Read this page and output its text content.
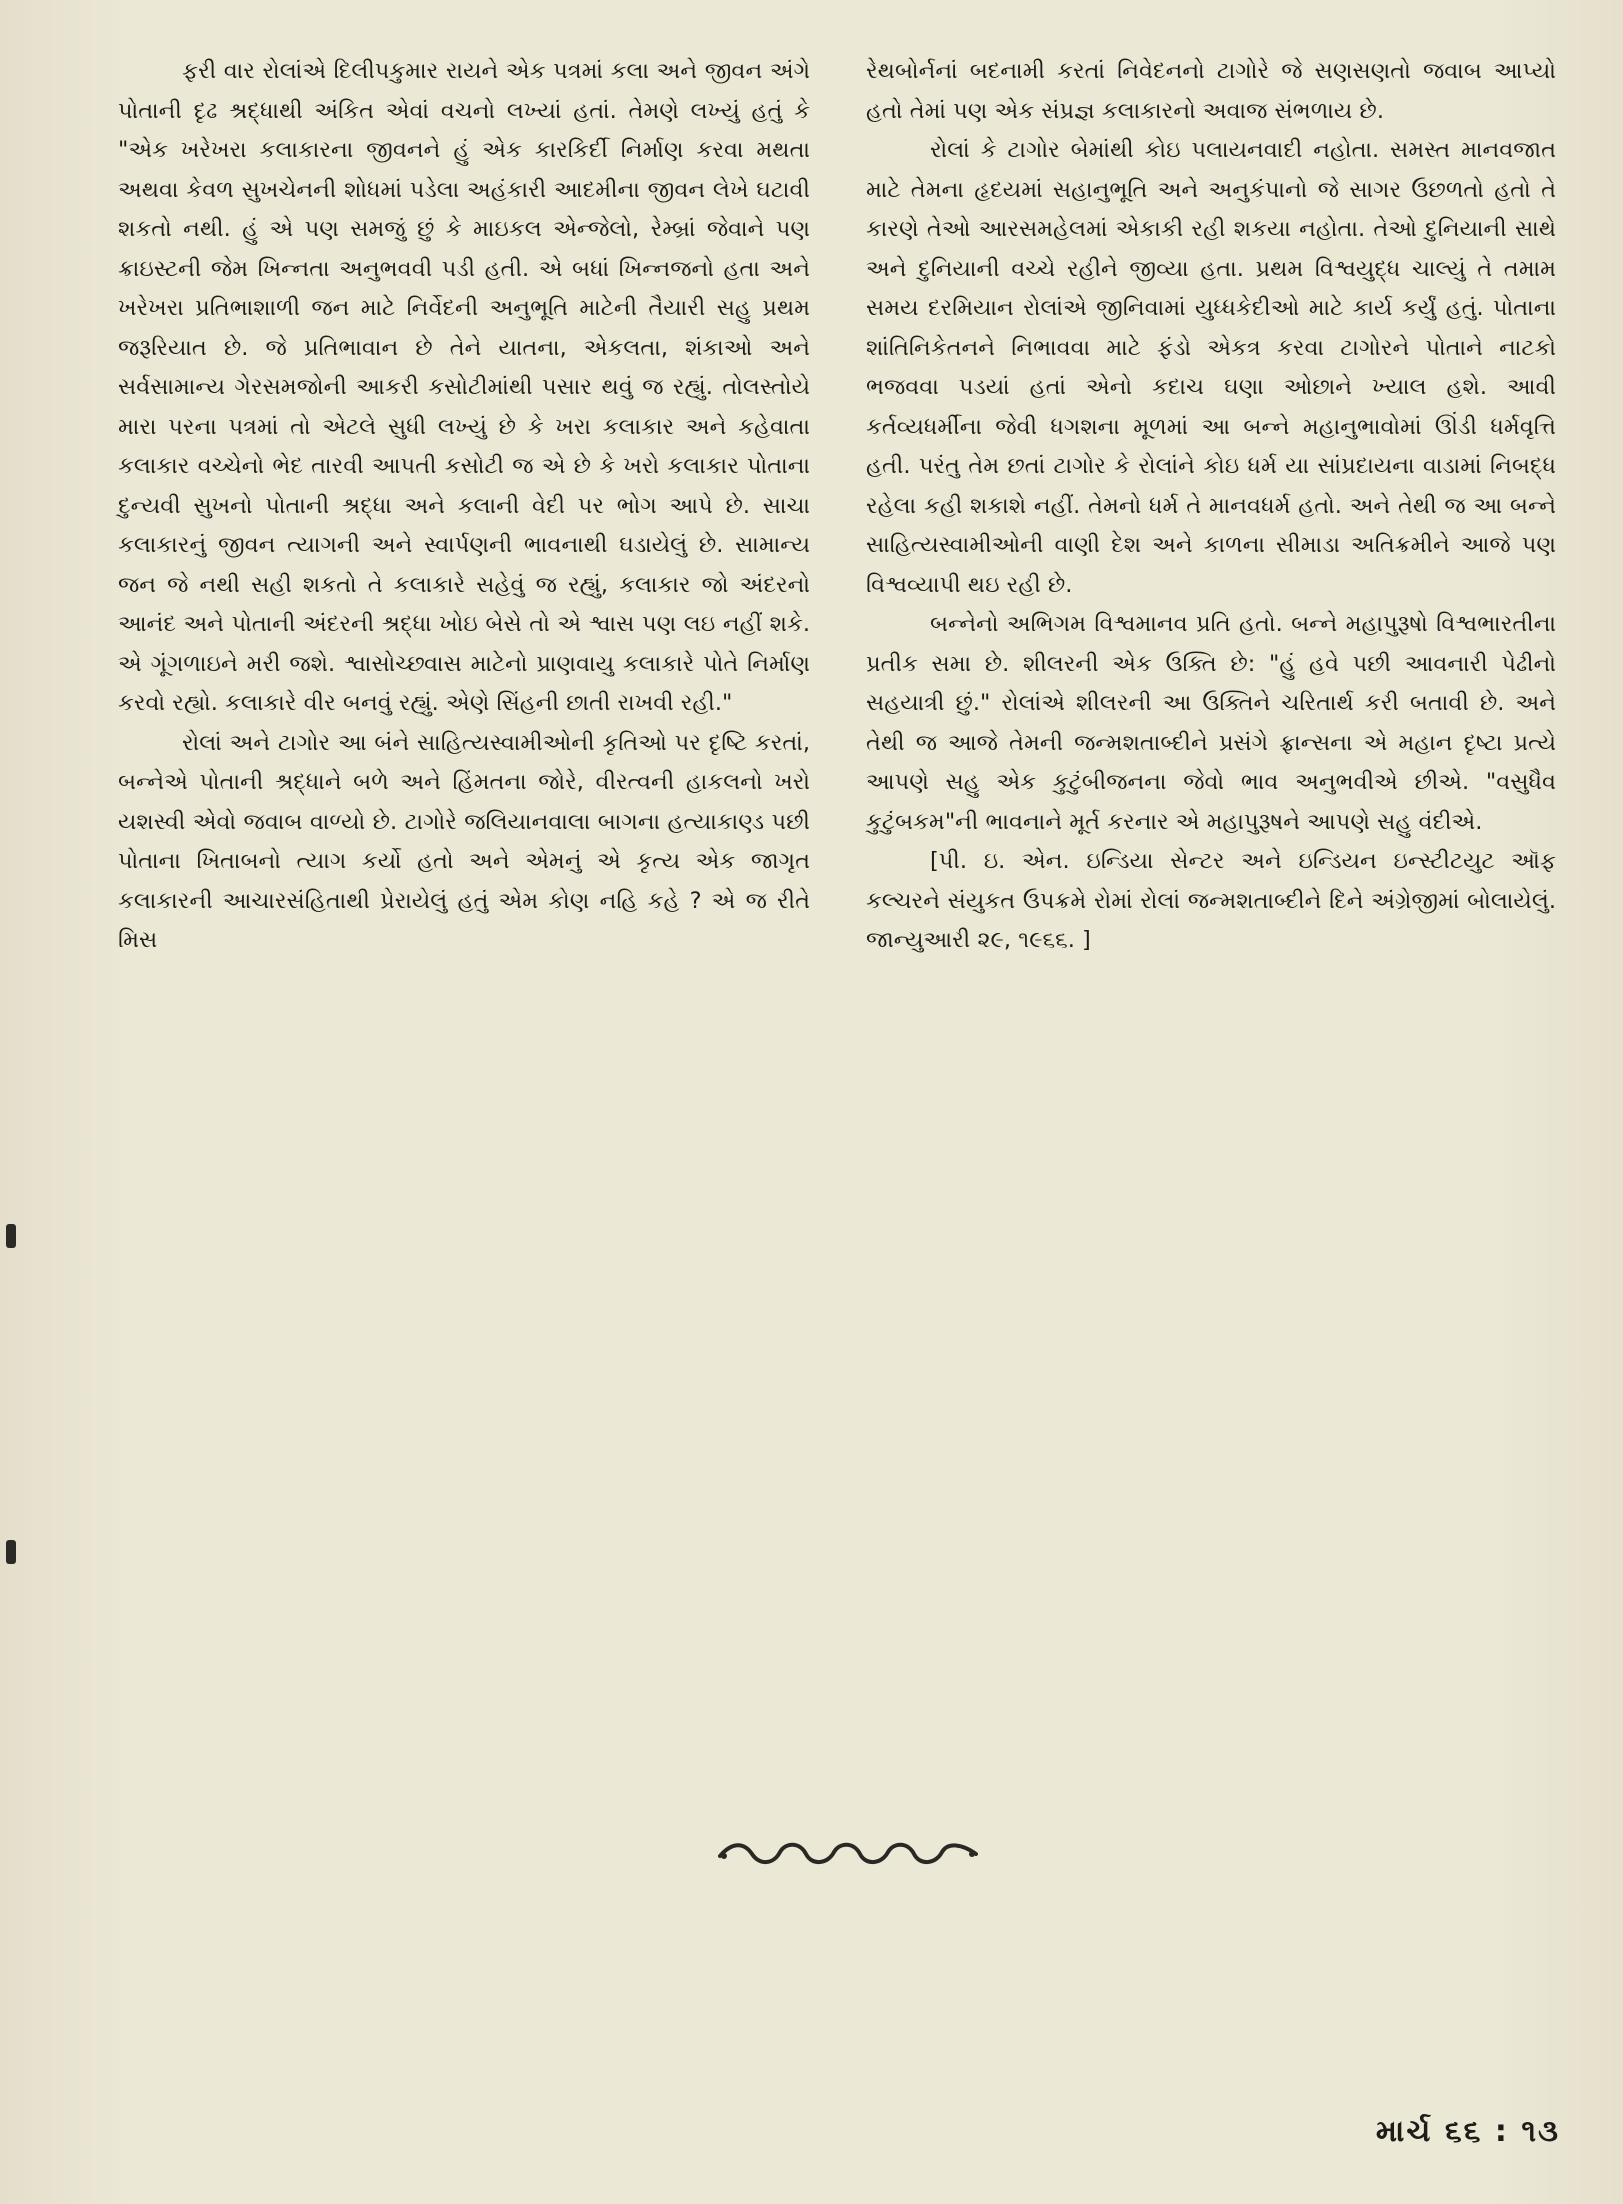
ફરી વાર રોલાંએ દિલીપકુમાર રાયને એક પત્રમાં કલા અને જીવન અંગે પોતાની દૃઢ શ્રદ્ધાથી અંકિત એવાં વચનો લખ્યાં હતાં. તેમણે લખ્યું હતું કે "એક ખરેખરા કલાકારના જીવનને હું એક કારકિર્દી નિર્માણ કરવા મથતા અથવા કેવળ સુખચેનની શોધમાં પડેલા અહંકારી આદમીના જીવન લેખે ઘટાવી શકતો નથી. હું એ પણ સમજું છું કે માઇકલ એન્જેલો, રેમ્બ્રાં જેવાને પણ ક્રાઇસ્ટની જેમ ખિન્નતા અનુભવવી પડી હતી. એ બધાં ખિન્નજનો હતા અને ખરેખરા પ્રતિભાશાળી જન માટે નિર્વેદની અનુભૂતિ માટેની તૈયારી સહુ પ્રથમ જરૂરિયાત છે. જે પ્રતિભાવાન છે તેને યાતના, એકલતા, શંકાઓ અને સર્વસામાન્ય ગેરસમજોની આકરી કસોટીમાંથી પસાર થવું જ રહ્યું. તોલસ્તોયે મારા પરના પત્રમાં તો એટલે સુધી લખ્યું છે કે ખરા કલાકાર અને કહેવાતા કલાકાર વચ્ચેનો ભેદ તારવી આપતી કસોટી જ એ છે કે ખરો કલાકાર પોતાના દુન્યવી સુખનો પોતાની શ્રદ્ધા અને કલાની વેદી પર ભોગ આપે છે. સાચા કલાકારનું જીવન ત્યાગની અને સ્વાર્પણની ભાવનાથી ઘડાયેલું છે. સામાન્ય જન જે નથી સહી શકતો તે કલાકારે સહેવું જ રહ્યું, કલાકાર જો અંદરનો આનંદ અને પોતાની અંદરની શ્રદ્ધા ખોઇ બેસે તો એ શ્વાસ પણ લઇ નહીં શકે. એ ગૂંગળાઇને મરી જશે. શ્વાસોચ્છ્વાસ માટેનો પ્રાણવાયુ કલાકારે પોતે નિર્માણ કરવો રહ્યો. કલાકારે વીર બનવું રહ્યું. એણે સિંહની છાતી રાખવી રહી."

રોલાં અને ટાગોર આ બંને સાહિત્યસ્વામીઓની કૃતિઓ પર દૃષ્ટિ કરતાં, બન્નેએ પોતાની શ્રદ્ધાને બળે અને હિંમતના જોરે, વીરત્વની હાકલનો ખરો યશસ્વી એવો જવાબ વાળ્યો છે. ટાગોરે જલિયાનવાલા બાગના હત્યાકાણ્ડ પછી પોતાના ખિતાબનો ત્યાગ કર્યો હતો અને એમનું એ કૃત્ય એક જાગૃત કલાકારની આચારસંહિતાથી પ્રેરાયેલું હતું એમ કોણ નહિ કહે ? એ જ રીતે મિસ

રેથબોર્નનાં બદનામી કરતાં નિવેદનનો ટાગોરે જે સણસણતો જવાબ આપ્યો હતો તેમાં પણ એક સંપ્રજ્ઞ કલાકારનો અવાજ સંભળાય છે.

રોલાં કે ટાગોર બેમાંથી કોઇ પલાયનવાદી નહોતા. સમસ્ત માનવજાત માટે તેમના હૃદયમાં સહાનુભૂતિ અને અનુકંપાનો જે સાગર ઉછળતો હતો તે કારણે તેઓ આરસમહેલમાં એકાકી રહી શકયા નહોતા. તેઓ દુનિયાની સાથે અને દુનિયાની વચ્ચે રહીને જીવ્યા હતા. પ્રથમ વિશ્વયુદ્ધ ચાલ્યું તે તમામ સમય દરમિયાન રોલાંએ જીનિવામાં યુધ્ધકેદીઓ માટે કાર્ય કર્યું હતું. પોતાના શાંતિનિકેતનને નિભાવવા માટે ફંડો એકત્ર કરવા ટાગોરને પોતાને નાટકો ભજવવા પડયાં હતાં એનો કદાચ ઘણા ઓછાને ખ્યાલ હશે. આવી કર્તવ્યધર્મીના જેવી ધગશના મૂળમાં આ બન્ને મહાનુભાવોમાં ઊંડી ધર્મવૃત્તિ હતી. પરંતુ તેમ છતાં ટાગોર કે રોલાંને કોઇ ધર્મ યા સાંપ્રદાયના વાડામાં નિબદ્ધ રહેલા કહી શકાશે નહીં. તેમનો ધર્મ તે માનવધર્મ હતો. અને તેથી જ આ બન્ને સાહિત્યસ્વામીઓની વાણી દેશ અને કાળના સીમાડા અતિક્રમીને આજે પણ વિશ્વવ્યાપી થઇ રહી છે.

બન્નેનો અભિગમ વિશ્વમાનવ પ્રતિ હતો. બન્ને મહાપુરૂષો વિશ્વભારતીના પ્રતીક સમા છે. શીલરની એક ઉક્તિ છે: "હું હવે પછી આવનારી પેઢીનો સહયાત્રી છું." રોલાંએ શીલરની આ ઉક્તિને ચરિતાર્થ કરી બતાવી છે. અને તેથી જ આજે તેમની જન્મશતાબ્દીને પ્રસંગે ફ્રાન્સના એ મહાન દૃષ્ટા પ્રત્યે આપણે સહુ એક કુટુંબીજનના જેવો ભાવ અનુભવીએ છીએ. "વસુધૈવ કુટુંબકમ"ની ભાવનાને મૂર્ત કરનાર એ મહાપુરૂષને આપણે સહુ વંદીએ.

[પી. ઇ. એન. ઇન્ડિયા સેન્ટર અને ઇન્ડિયન ઇન્સ્ટીટયુટ ઑફ કલ્ચરને સંયુકત ઉપક્રમે રોમાં રોલાં જન્મશતાબ્દીને દિને અંગ્રેજીમાં બોલાયેલું. જાન્યુઆરી ૨૯, ૧૯૬૬. ]

માર્ચ ૬૬ : ૧૩
